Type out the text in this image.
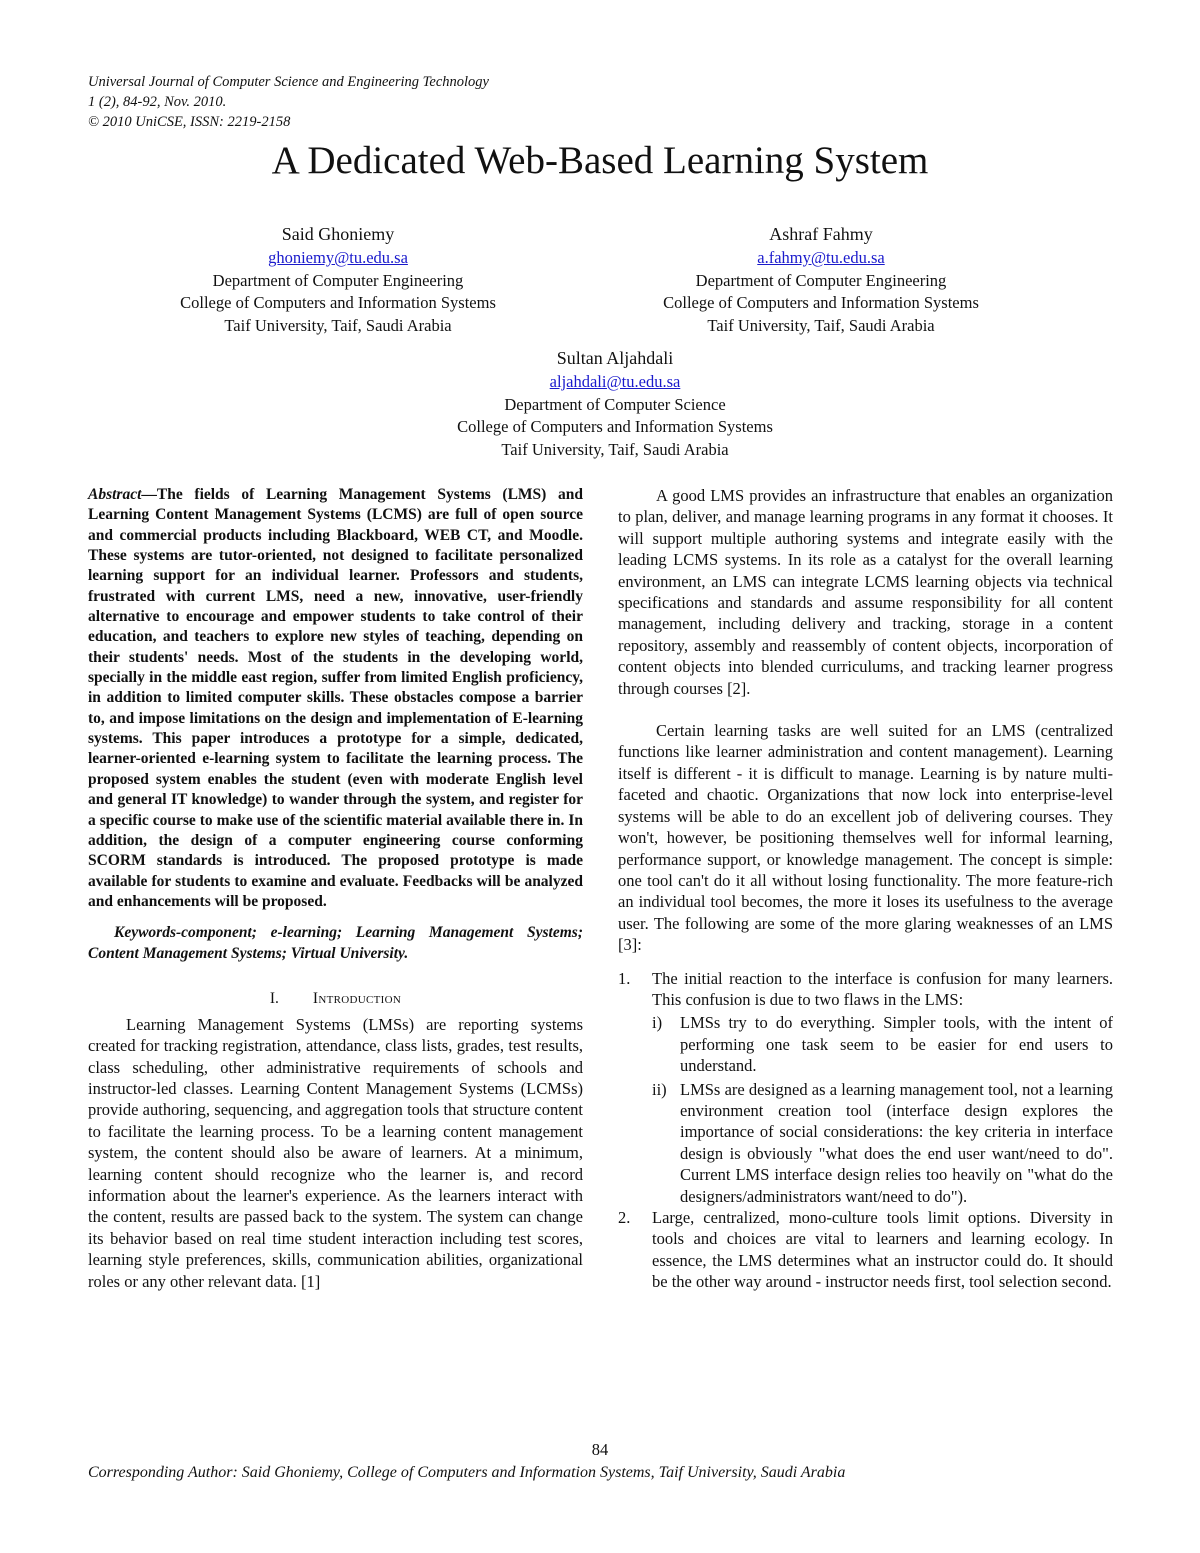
Universal Journal of Computer Science and Engineering Technology
1 (2), 84-92, Nov. 2010.
© 2010 UniCSE, ISSN: 2219-2158
A Dedicated Web-Based Learning System
Said Ghoniemy
ghoniemy@tu.edu.sa
Department of Computer Engineering
College of Computers and Information Systems
Taif University, Taif, Saudi Arabia
Ashraf Fahmy
a.fahmy@tu.edu.sa
Department of Computer Engineering
College of Computers and Information Systems
Taif University, Taif, Saudi Arabia
Sultan Aljahdali
aljahdali@tu.edu.sa
Department of Computer Science
College of Computers and Information Systems
Taif University, Taif, Saudi Arabia

Abstract—The fields of Learning Management Systems (LMS) and Learning Content Management Systems (LCMS) are full of open source and commercial products including Blackboard, WEB CT, and Moodle. These systems are tutor-oriented, not designed to facilitate personalized learning support for an individual learner. Professors and students, frustrated with current LMS, need a new, innovative, user-friendly alternative to encourage and empower students to take control of their education, and teachers to explore new styles of teaching, depending on their students' needs. Most of the students in the developing world, specially in the middle east region, suffer from limited English proficiency, in addition to limited computer skills. These obstacles compose a barrier to, and impose limitations on the design and implementation of E-learning systems. This paper introduces a prototype for a simple, dedicated, learner-oriented e-learning system to facilitate the learning process. The proposed system enables the student (even with moderate English level and general IT knowledge) to wander through the system, and register for a specific course to make use of the scientific material available there in. In addition, the design of a computer engineering course conforming SCORM standards is introduced. The proposed prototype is made available for students to examine and evaluate. Feedbacks will be analyzed and enhancements will be proposed.

Keywords-component; e-learning; Learning Management Systems; Content Management Systems; Virtual University.

I. Introduction

Learning Management Systems (LMSs) are reporting systems created for tracking registration, attendance, class lists, grades, test results, class scheduling, other administrative requirements of schools and instructor-led classes. Learning Content Management Systems (LCMSs) provide authoring, sequencing, and aggregation tools that structure content to facilitate the learning process. To be a learning content management system, the content should also be aware of learners. At a minimum, learning content should recognize who the learner is, and record information about the learner's experience. As the learners interact with the content, results are passed back to the system. The system can change its behavior based on real time student interaction including test scores, learning style preferences, skills, communication abilities, organizational roles or any other relevant data. [1]

A good LMS provides an infrastructure that enables an organization to plan, deliver, and manage learning programs in any format it chooses. It will support multiple authoring systems and integrate easily with the leading LCMS systems. In its role as a catalyst for the overall learning environment, an LMS can integrate LCMS learning objects via technical specifications and standards and assume responsibility for all content management, including delivery and tracking, storage in a content repository, assembly and reassembly of content objects, incorporation of content objects into blended curriculums, and tracking learner progress through courses [2].

Certain learning tasks are well suited for an LMS (centralized functions like learner administration and content management). Learning itself is different - it is difficult to manage. Learning is by nature multi-faceted and chaotic. Organizations that now lock into enterprise-level systems will be able to do an excellent job of delivering courses. They won't, however, be positioning themselves well for informal learning, performance support, or knowledge management. The concept is simple: one tool can't do it all without losing functionality. The more feature-rich an individual tool becomes, the more it loses its usefulness to the average user. The following are some of the more glaring weaknesses of an LMS [3]:

1. The initial reaction to the interface is confusion for many learners. This confusion is due to two flaws in the LMS:
i) LMSs try to do everything. Simpler tools, with the intent of performing one task seem to be easier for end users to understand.
ii) LMSs are designed as a learning management tool, not a learning environment creation tool (interface design explores the importance of social considerations: the key criteria in interface design is obviously "what does the end user want/need to do". Current LMS interface design relies too heavily on "what do the designers/administrators want/need to do").
2. Large, centralized, mono-culture tools limit options. Diversity in tools and choices are vital to learners and learning ecology. In essence, the LMS determines what an instructor could do. It should be the other way around - instructor needs first, tool selection second.
84
Corresponding Author: Said Ghoniemy, College of Computers and Information Systems, Taif University, Saudi Arabia
